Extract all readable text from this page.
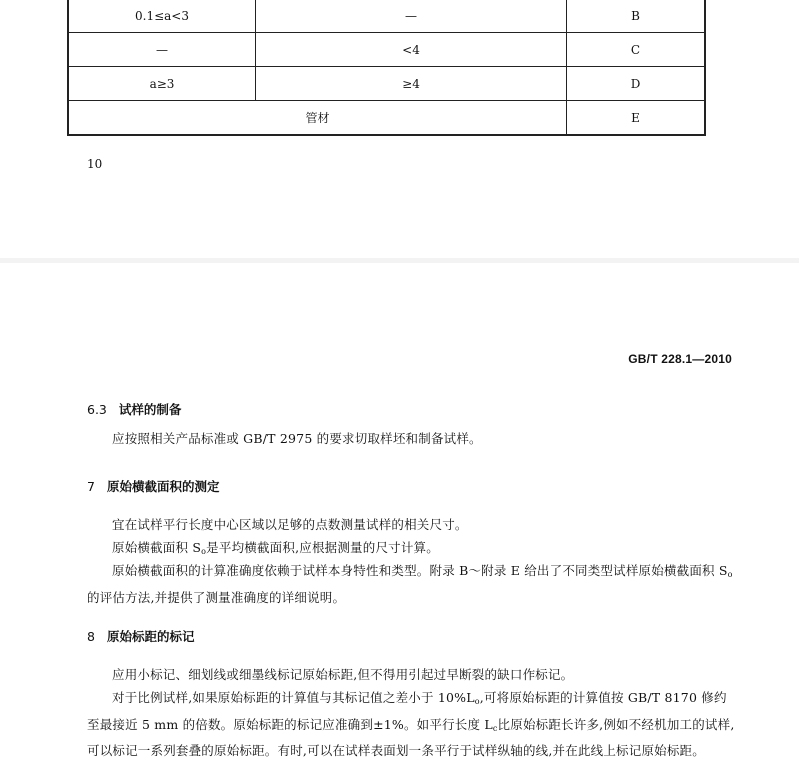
0.1≤a<3	—	B
—	<4	C
a≥3	≥4	D
管材		E
10
GB/T 228.1—2010
6.3 试样的制备
应按照相关产品标准或 GB/T 2975 的要求切取样坯和制备试样。
7 原始横截面积的测定
宜在试样平行长度中心区域以足够的点数测量试样的相关尺寸。
原始横截面积 $S_o$是平均横截面积,应根据测量的尺寸计算。
原始横截面积的计算准确度依赖于试样本身特性和类型。附录 B～附录 E 给出了不同类型试样原始横截面积 $S_o$的评估方法,并提供了测量准确度的详细说明。
8 原始标距的标记
应用小标记、细划线或细墨线标记原始标距,但不得用引起过早断裂的缺口作标记。
对于比例试样,如果原始标距的计算值与其标记值之差小于 $10\%L_o$,可将原始标距的计算值按 GB/T 8170 修约至最接近 5 mm 的倍数。原始标距的标记应准确到±1%。如平行长度 $L_c$比原始标距长许多,例如不经机加工的试样,可以标记一系列套叠的原始标距。有时,可以在试样表面划一条平行于试样纵轴的线,并在此线上标记原始标距。
